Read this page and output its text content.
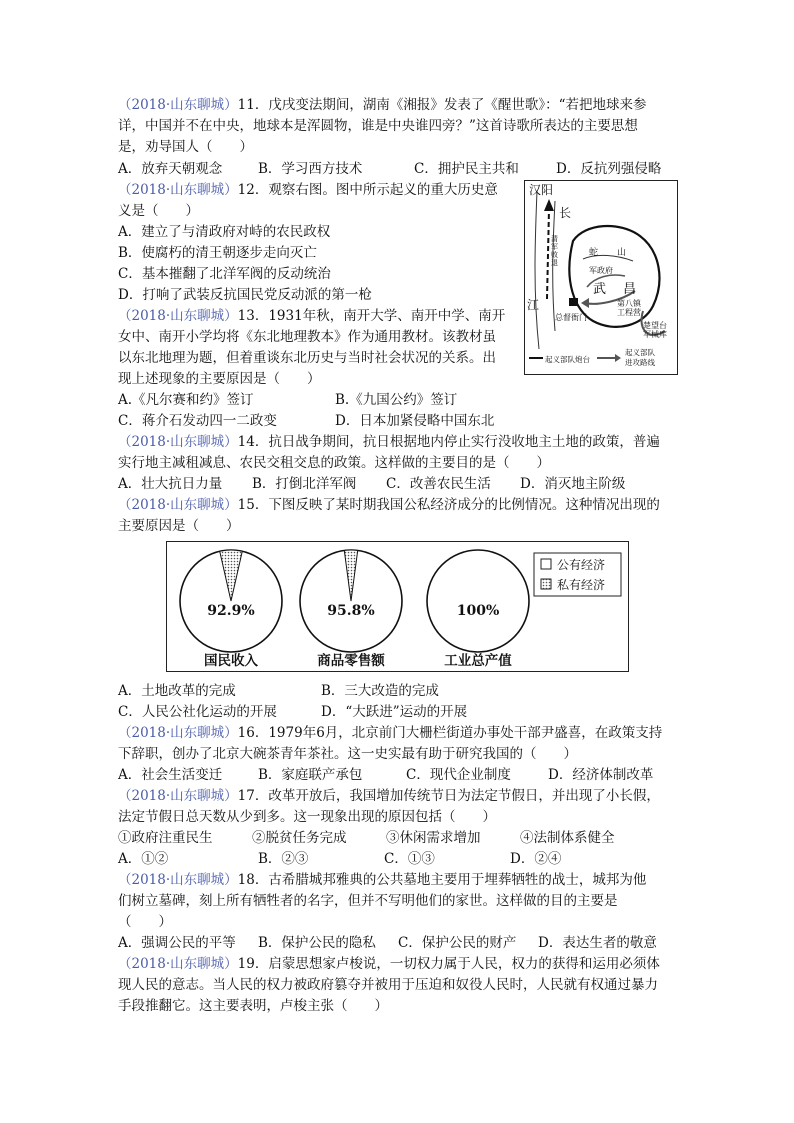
（2018·山东聊城）11．戊戌变法期间，湖南《湘报》发表了《醒世歌》：“若把地球来参
详，中国并不在中央，地球本是浑圆物，谁是中央谁四旁？”这首诗歌所表达的主要思想
是，劝导国人（　　）
A．放弃天朝观念	B．学习西方技术	C．拥护民主共和	D．反抗列强侵略
（2018·山东聊城）12．观察右图。图中所示起义的重大历史意
义是（　　）
A．建立了与清政府对峙的农民政权
B．使腐朽的清王朝逐步走向灭亡
C．基本摧翻了北洋军阀的反动统治
D．打响了武装反抗国民党反动派的第一枪
汉阳
长
江
清
军
败
退
蛇 山
军政府
武 昌
第八镇
工程营
总督衙门
楚望台
军械库
起义部队炮台
起义部队
进攻路线
（2018·山东聊城）13．1931年秋，南开大学、南开中学、南开
女中、南开小学均将《东北地理教本》作为通用教材。该教材虽
以东北地理为题，但着重谈东北历史与当时社会状况的关系。出
现上述现象的主要原因是（　　）
A.《凡尔赛和约》签订	B.《九国公约》签订
C．蒋介石发动四一二政变	D．日本加紧侵略中国东北
（2018·山东聊城）14．抗日战争期间，抗日根据地内停止实行没收地主土地的政策，普遍
实行地主减租减息、农民交租交息的政策。这样做的主要目的是（　　）
A．壮大抗日力量 B．打倒北洋军阀 C．改善农民生活 D．消灭地主阶级
（2018·山东聊城）15．下图反映了某时期我国公私经济成分的比例情况。这种情况出现的
主要原因是（　　）
公有经济
私有经济
92.9%
国民收入
95.8%
商品零售额
100%
工业总产值
A．土地改革的完成	B．三大改造的完成
C．人民公社化运动的开展	D．“大跃进”运动的开展
（2018·山东聊城）16．1979年6月，北京前门大栅栏街道办事处干部尹盛喜，在政策支持
下辞职，创办了北京大碗茶青年茶社。这一史实最有助于研究我国的（　　）
A．社会生活变迁	B．家庭联产承包	C．现代企业制度	D．经济体制改革
（2018·山东聊城）17．改革开放后，我国增加传统节日为法定节假日，并出现了小长假，
法定节假日总天数从少到多。这一现象出现的原因包括（　　）
①政府注重民生	②脱贫任务完成	③休闲需求增加	④法制体系健全
A．①②	B．②③	C．①③	D．②④
（2018·山东聊城）18．古希腊城邦雅典的公共墓地主要用于埋葬牺牲的战士，城邦为他
们树立墓碑，刻上所有牺牲者的名字，但并不写明他们的家世。这样做的目的主要是
（　　）
A．强调公民的平等 B．保护公民的隐私 C．保护公民的财产 D．表达生者的敬意
（2018·山东聊城）19．启蒙思想家卢梭说，一切权力属于人民，权力的获得和运用必须体
现人民的意志。当人民的权力被政府篡夺并被用于压迫和奴役人民时，人民就有权通过暴力
手段推翻它。这主要表明，卢梭主张（　　）
